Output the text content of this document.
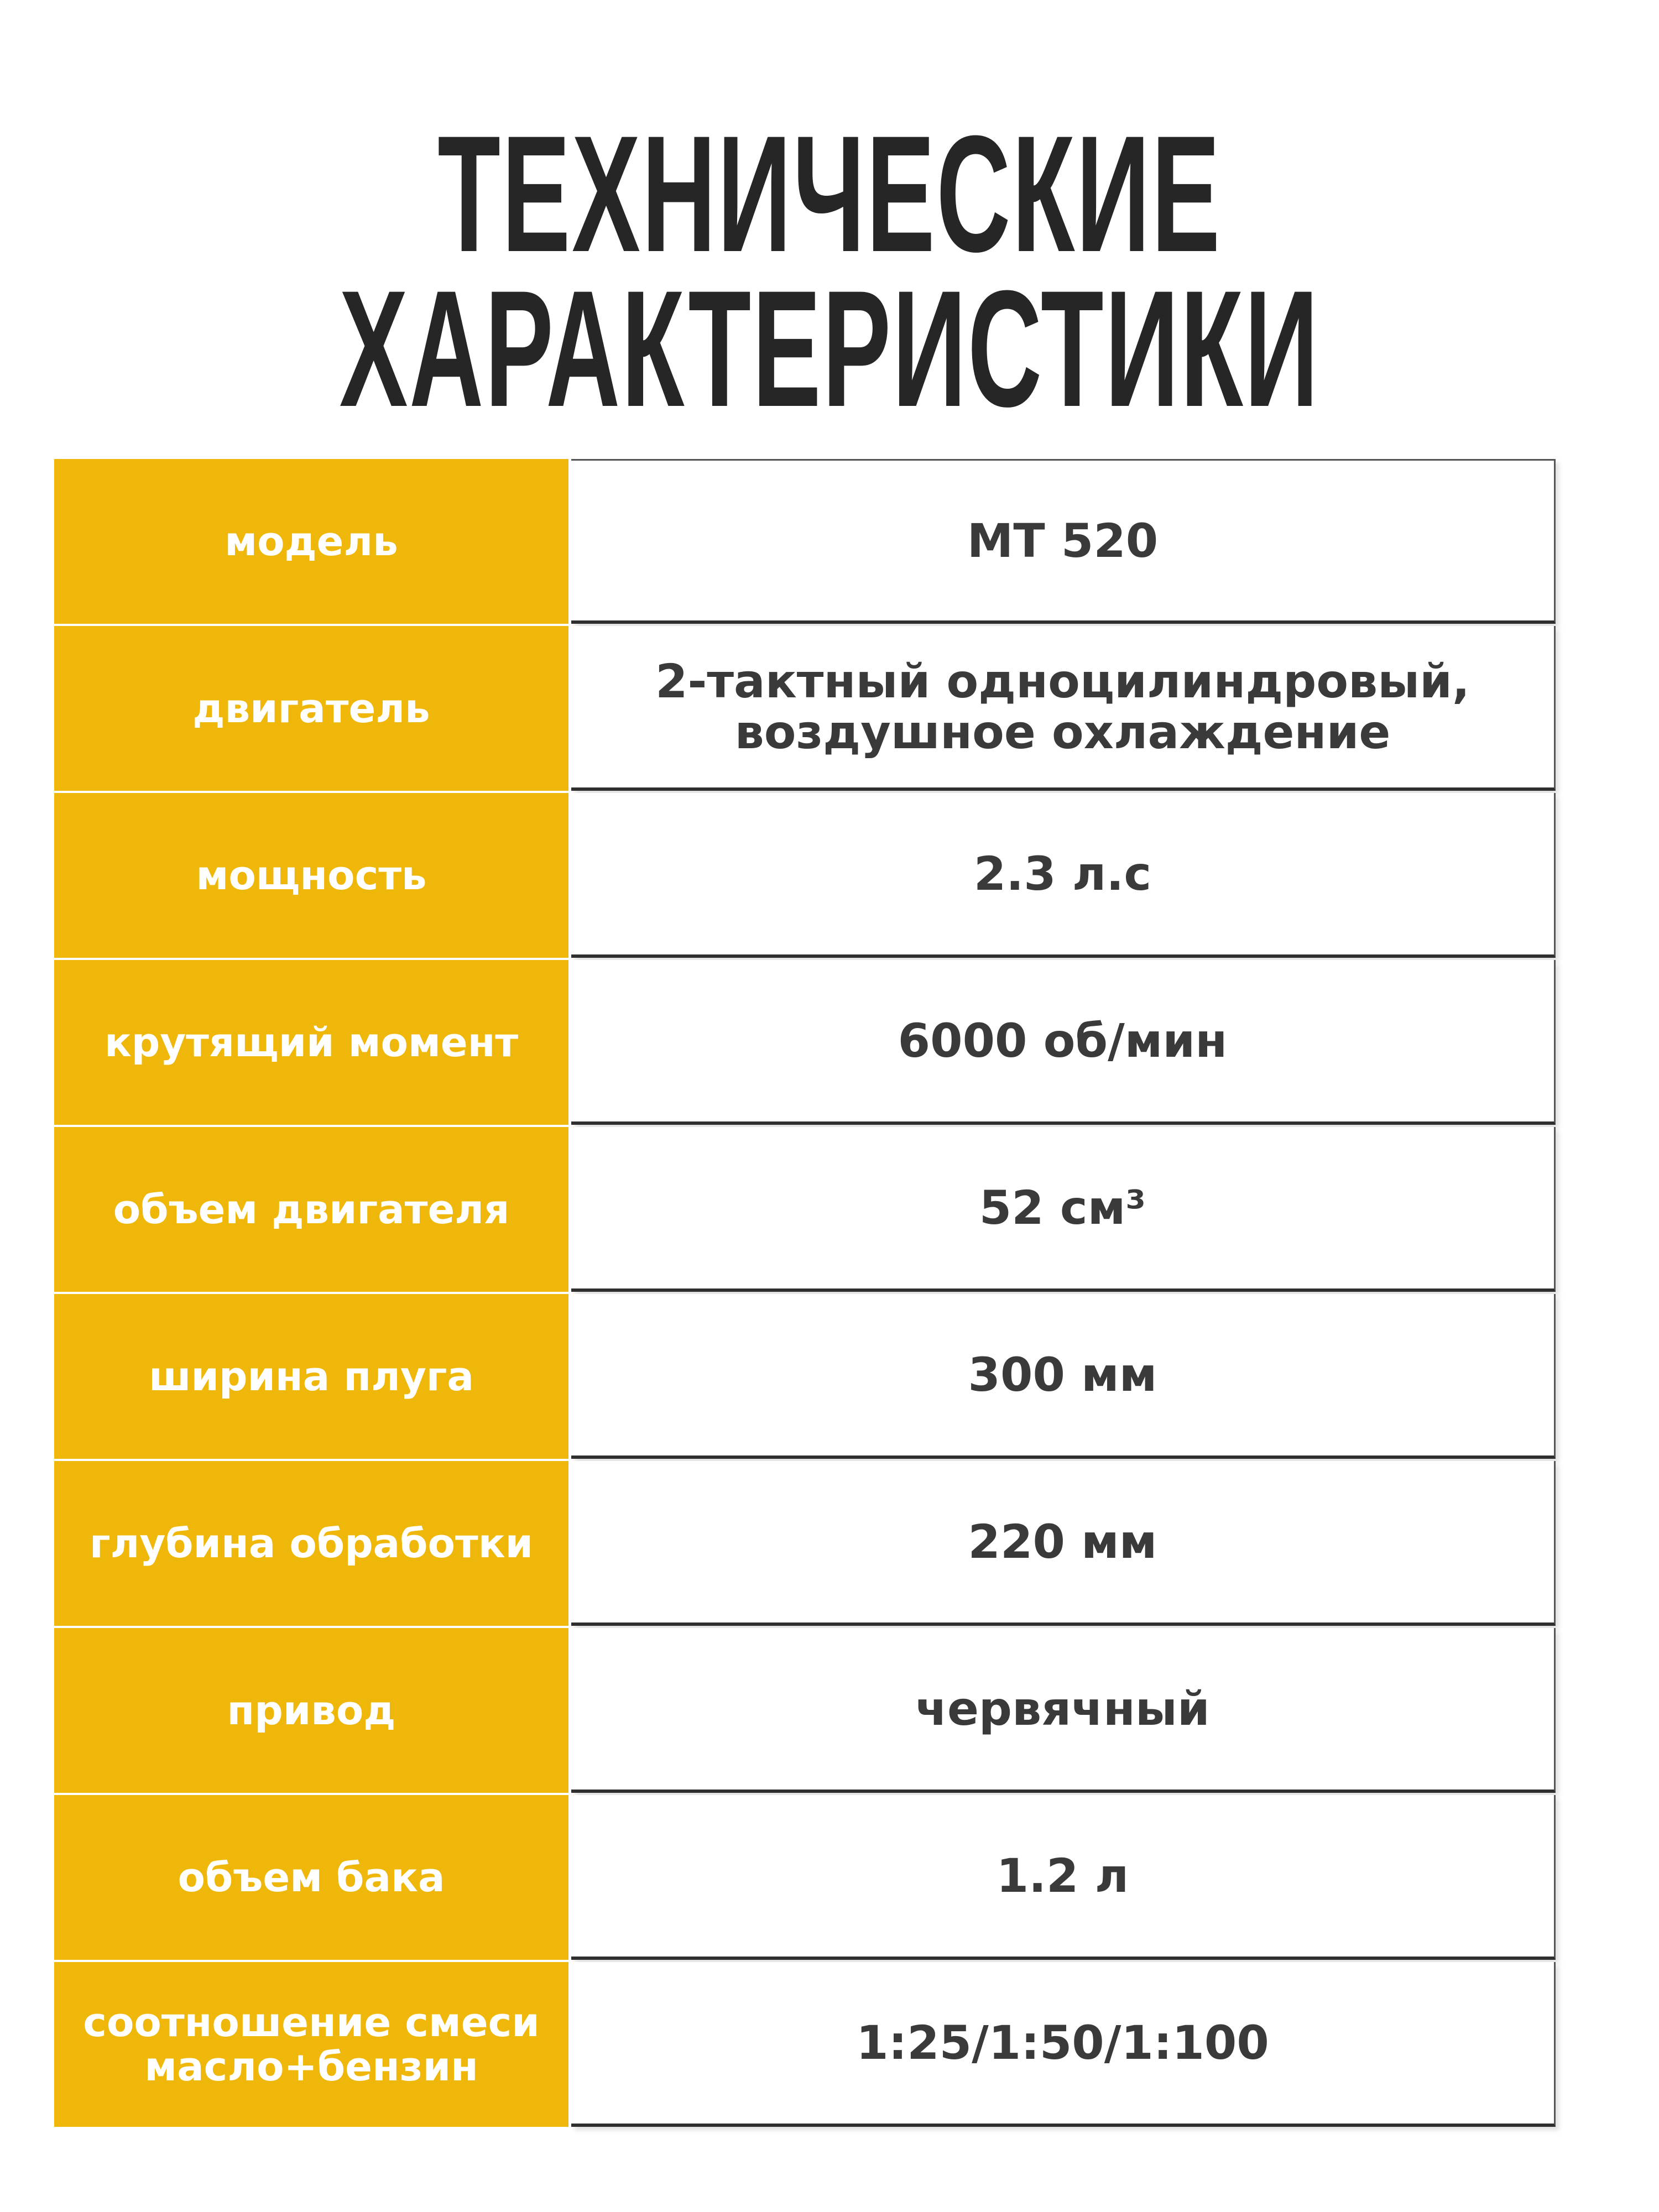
ТЕХНИЧЕСКИЕ
ХАРАКТЕРИСТИКИ
модель	MT 520
двигатель	2-тактный одноцилиндровый,
воздушное охлаждение
мощность	2.3 л.с
крутящий момент	6000 об/мин
объем двигателя	52 см³
ширина плуга	300 мм
глубина обработки	220 мм
привод	червячный
объем бака	1.2 л
соотношение смеси
масло+бензин	1:25/1:50/1:100
